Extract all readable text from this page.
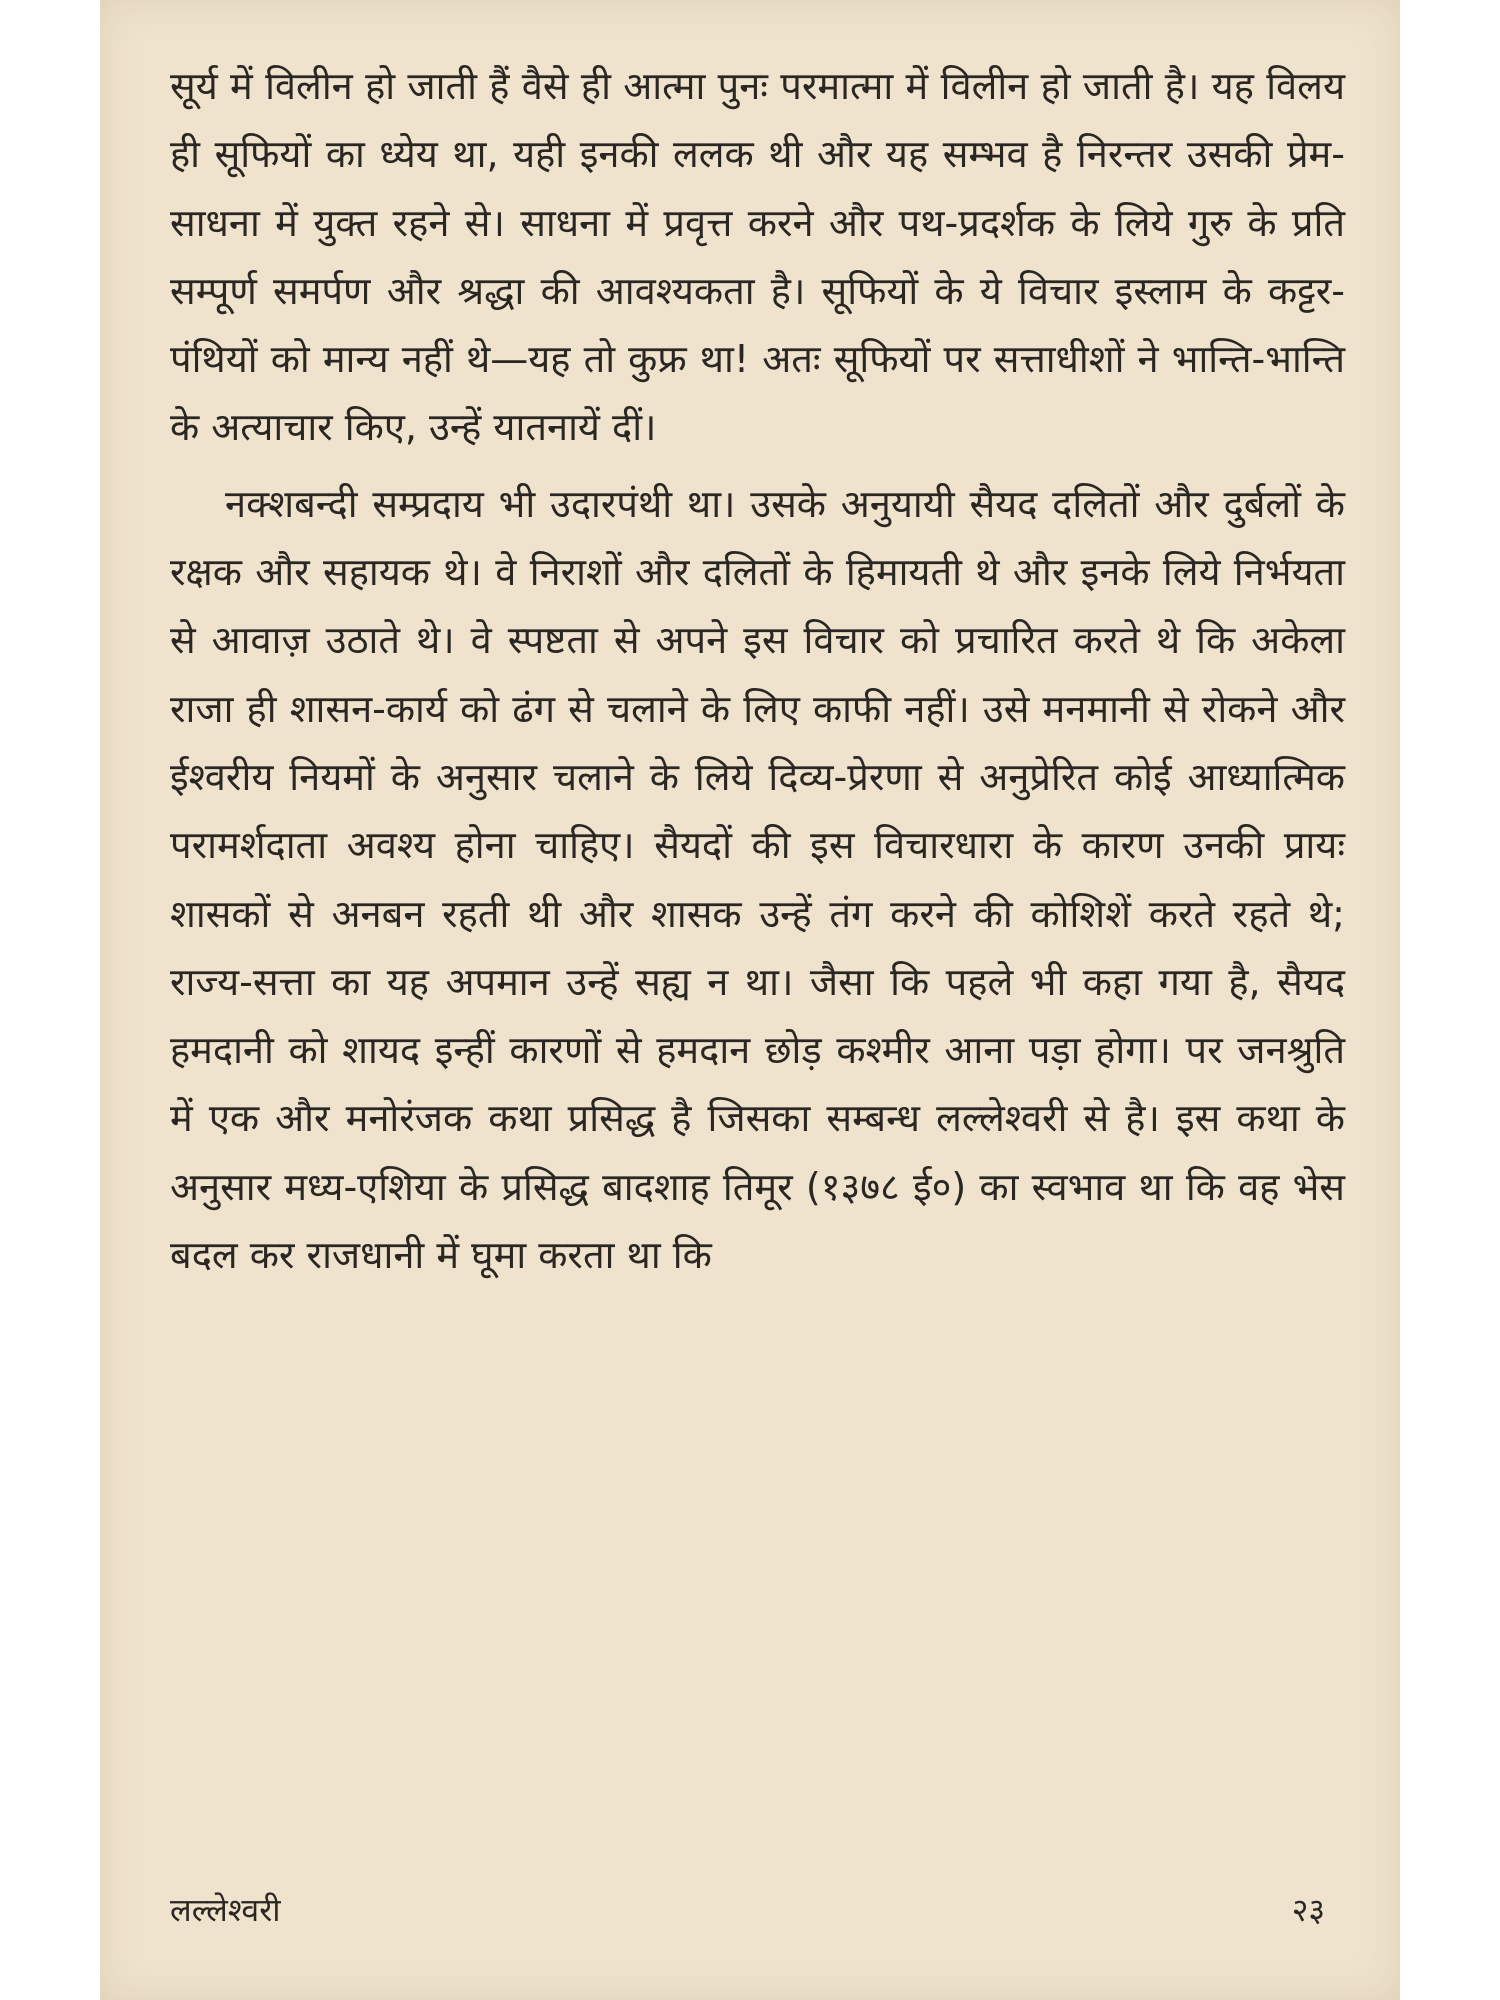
सूर्य में विलीन हो जाती हैं वैसे ही आत्मा पुनः परमात्मा में विलीन हो जाती है। यह विलय ही सूफियों का ध्येय था, यही इनकी ललक थी और यह सम्भव है निरन्तर उसकी प्रेम-साधना में युक्त रहने से। साधना में प्रवृत्त करने और पथ-प्रदर्शक के लिये गुरु के प्रति सम्पूर्ण समर्पण और श्रद्धा की आवश्यकता है। सूफियों के ये विचार इस्लाम के कट्टर-पंथियों को मान्य नहीं थे—यह तो कुफ्र था! अतः सूफियों पर सत्ताधीशों ने भान्ति-भान्ति के अत्याचार किए, उन्हें यातनायें दीं।

नक्शबन्दी सम्प्रदाय भी उदारपंथी था। उसके अनुयायी सैयद दलितों और दुर्बलों के रक्षक और सहायक थे। वे निराशों और दलितों के हिमायती थे और इनके लिये निर्भयता से आवाज़ उठाते थे। वे स्पष्टता से अपने इस विचार को प्रचारित करते थे कि अकेला राजा ही शासन-कार्य को ढंग से चलाने के लिए काफी नहीं। उसे मनमानी से रोकने और ईश्वरीय नियमों के अनुसार चलाने के लिये दिव्य-प्रेरणा से अनुप्रेरित कोई आध्यात्मिक परामर्शदाता अवश्य होना चाहिए। सैयदों की इस विचारधारा के कारण उनकी प्रायः शासकों से अनबन रहती थी और शासक उन्हें तंग करने की कोशिशें करते रहते थे; राज्य-सत्ता का यह अपमान उन्हें सह्य न था। जैसा कि पहले भी कहा गया है, सैयद हमदानी को शायद इन्हीं कारणों से हमदान छोड़ कश्मीर आना पड़ा होगा। पर जनश्रुति में एक और मनोरंजक कथा प्रसिद्ध है जिसका सम्बन्ध लल्लेश्वरी से है। इस कथा के अनुसार मध्य-एशिया के प्रसिद्ध बादशाह तिमूर (१३७८ ई०) का स्वभाव था कि वह भेस बदल कर राजधानी में घूमा करता था कि

लल्लेश्वरी	२३
